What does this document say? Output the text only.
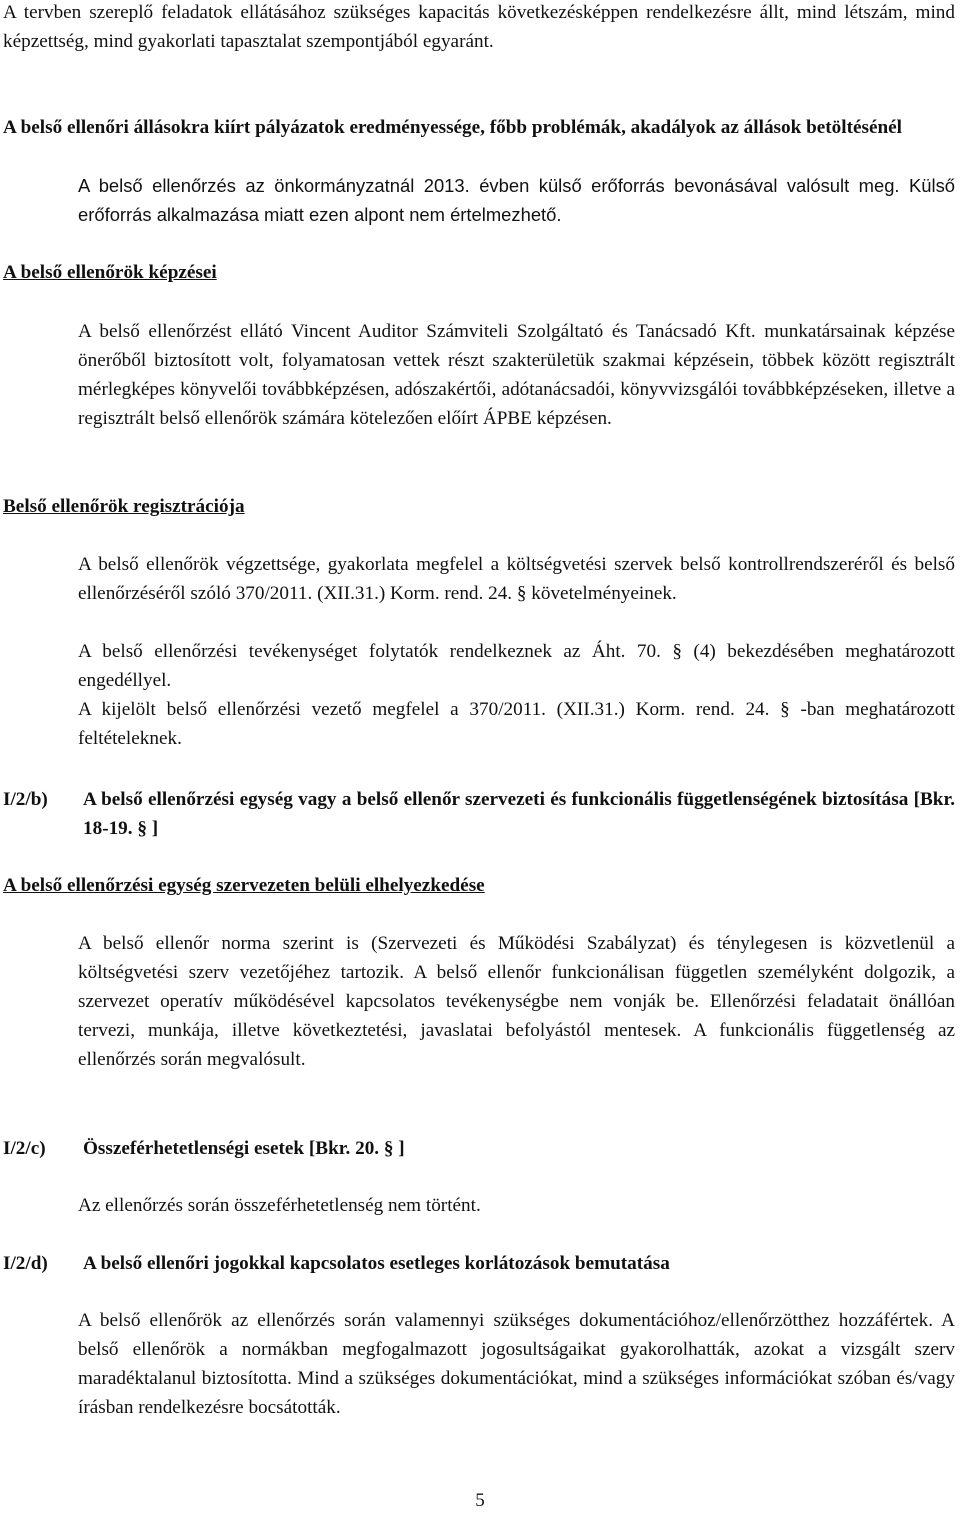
A tervben szereplő feladatok ellátásához szükséges kapacitás következésképpen rendelkezésre állt, mind létszám, mind képzettség, mind gyakorlati tapasztalat szempontjából egyaránt.

A belső ellenőri állásokra kiírt pályázatok eredményessége, főbb problémák, akadályok az állások betöltésénél

A belső ellenőrzés az önkormányzatnál 2013. évben külső erőforrás bevonásával valósult meg. Külső erőforrás alkalmazása miatt ezen alpont nem értelmezhető.

A belső ellenőrök képzései

A belső ellenőrzést ellátó Vincent Auditor Számviteli Szolgáltató és Tanácsadó Kft. munkatársainak képzése önerőből biztosított volt, folyamatosan vettek részt szakterületük szakmai képzésein, többek között regisztrált mérlegképes könyvelői továbbképzésen, adószakértői, adótanácsadói, könyvvizsgálói továbbképzéseken, illetve a regisztrált belső ellenőrök számára kötelezően előírt ÁPBE képzésen.

Belső ellenőrök regisztrációja

A belső ellenőrök végzettsége, gyakorlata megfelel a költségvetési szervek belső kontrollrendszeréről és belső ellenőrzéséről szóló 370/2011. (XII.31.) Korm. rend. 24. § követelményeinek.

A belső ellenőrzési tevékenységet folytatók rendelkeznek az Áht. 70. § (4) bekezdésében meghatározott engedéllyel.

A kijelölt belső ellenőrzési vezető megfelel a 370/2011. (XII.31.) Korm. rend. 24. § -ban meghatározott feltételeknek.

I/2/b)	A belső ellenőrzési egység vagy a belső ellenőr szervezeti és funkcionális függetlenségének biztosítása [Bkr. 18-19. § ]

A belső ellenőrzési egység szervezeten belüli elhelyezkedése

A belső ellenőr norma szerint is (Szervezeti és Működési Szabályzat) és ténylegesen is közvetlenül a költségvetési szerv vezetőjéhez tartozik. A belső ellenőr funkcionálisan független személyként dolgozik, a szervezet operatív működésével kapcsolatos tevékenységbe nem vonják be. Ellenőrzési feladatait önállóan tervezi, munkája, illetve következtetési, javaslatai befolyástól mentesek. A funkcionális függetlenség az ellenőrzés során megvalósult.

I/2/c)	Összeférhetetlenségi esetek [Bkr. 20. § ]

Az ellenőrzés során összeférhetetlenség nem történt.

I/2/d)	A belső ellenőri jogokkal kapcsolatos esetleges korlátozások bemutatása

A belső ellenőrök az ellenőrzés során valamennyi szükséges dokumentációhoz/ellenőrzötthez hozzáfértek. A belső ellenőrök a normákban megfogalmazott jogosultságaikat gyakorolhatták, azokat a vizsgált szerv maradéktalanul biztosította. Mind a szükséges dokumentációkat, mind a szükséges információkat szóban és/vagy írásban rendelkezésre bocsátották.

5
